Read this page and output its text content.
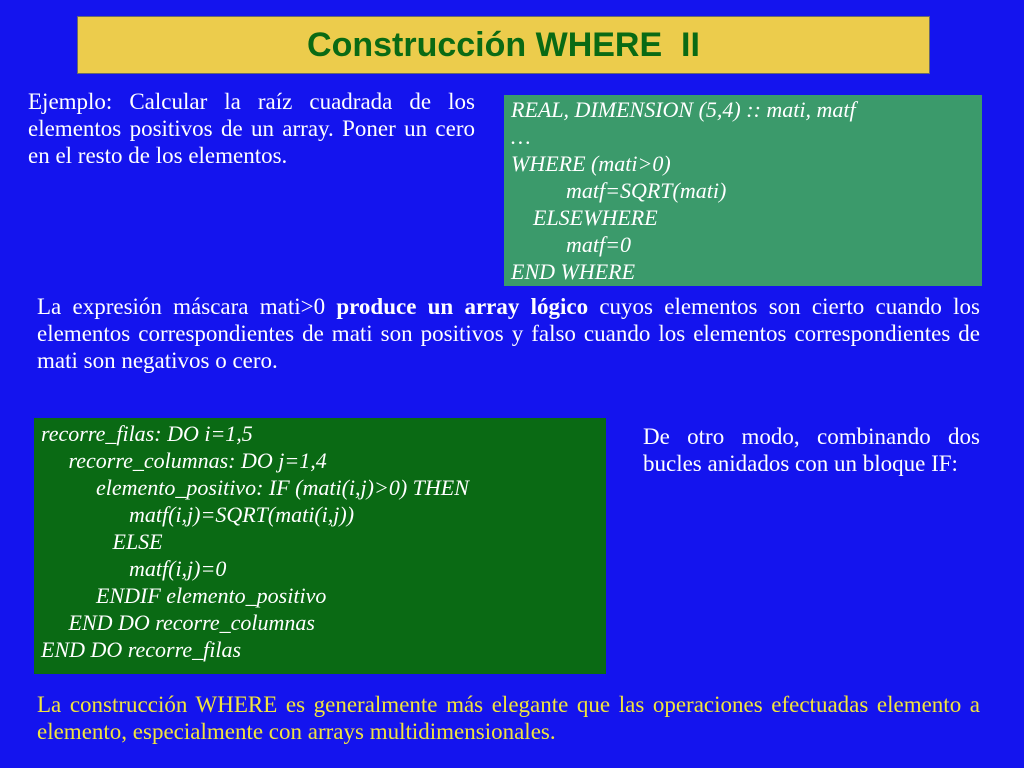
Construcción WHERE  II

Ejemplo: Calcular la raíz cuadrada de los elementos positivos de un array. Poner un cero en el resto de los elementos.

REAL, DIMENSION (5,4) :: mati, matf
…
WHERE (mati>0)
matf=SQRT(mati)
ELSEWHERE
matf=0
END WHERE

La expresión máscara mati>0 produce un array lógico cuyos elementos son cierto cuando los elementos correspondientes de mati son positivos y falso cuando los elementos correspondientes de mati son negativos o cero.

recorre_filas: DO i=1,5
recorre_columnas: DO j=1,4
elemento_positivo: IF (mati(i,j)>0) THEN
matf(i,j)=SQRT(mati(i,j))
ELSE
matf(i,j)=0
ENDIF elemento_positivo
END DO recorre_columnas
END DO recorre_filas

De otro modo, combinando dos bucles anidados con un bloque IF:

La construcción WHERE es generalmente más elegante que las operaciones efectuadas elemento a elemento, especialmente con arrays multidimensionales.
